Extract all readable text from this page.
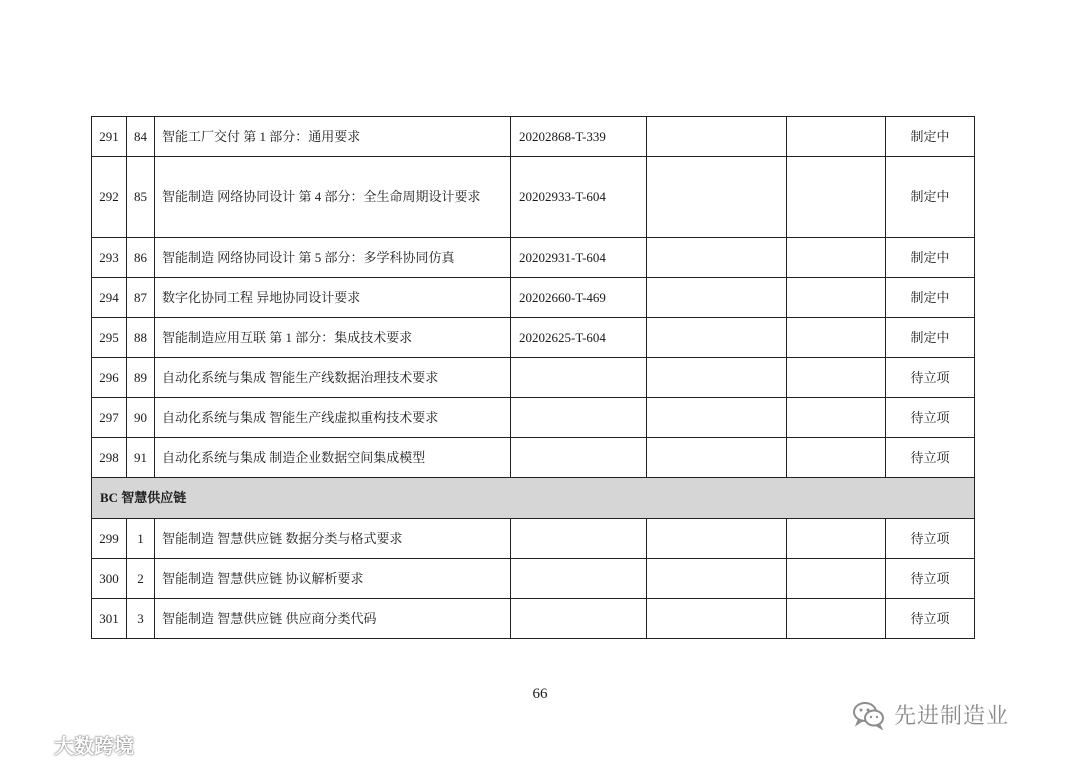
291	84	智能工厂交付 第 1 部分：通用要求	20202868-T-339			制定中
292	85	智能制造 网络协同设计 第 4 部分：全生命周期设计要求	20202933-T-604			制定中
293	86	智能制造 网络协同设计 第 5 部分：多学科协同仿真	20202931-T-604			制定中
294	87	数字化协同工程 异地协同设计要求	20202660-T-469			制定中
295	88	智能制造应用互联 第 1 部分：集成技术要求	20202625-T-604			制定中
296	89	自动化系统与集成 智能生产线数据治理技术要求				待立项
297	90	自动化系统与集成 智能生产线虚拟重构技术要求				待立项
298	91	自动化系统与集成 制造企业数据空间集成模型				待立项
BC 智慧供应链						
299	1	智能制造 智慧供应链 数据分类与格式要求				待立项
300	2	智能制造 智慧供应链 协议解析要求				待立项
301	3	智能制造 智慧供应链 供应商分类代码				待立项
66
先进制造业
大数跨境
